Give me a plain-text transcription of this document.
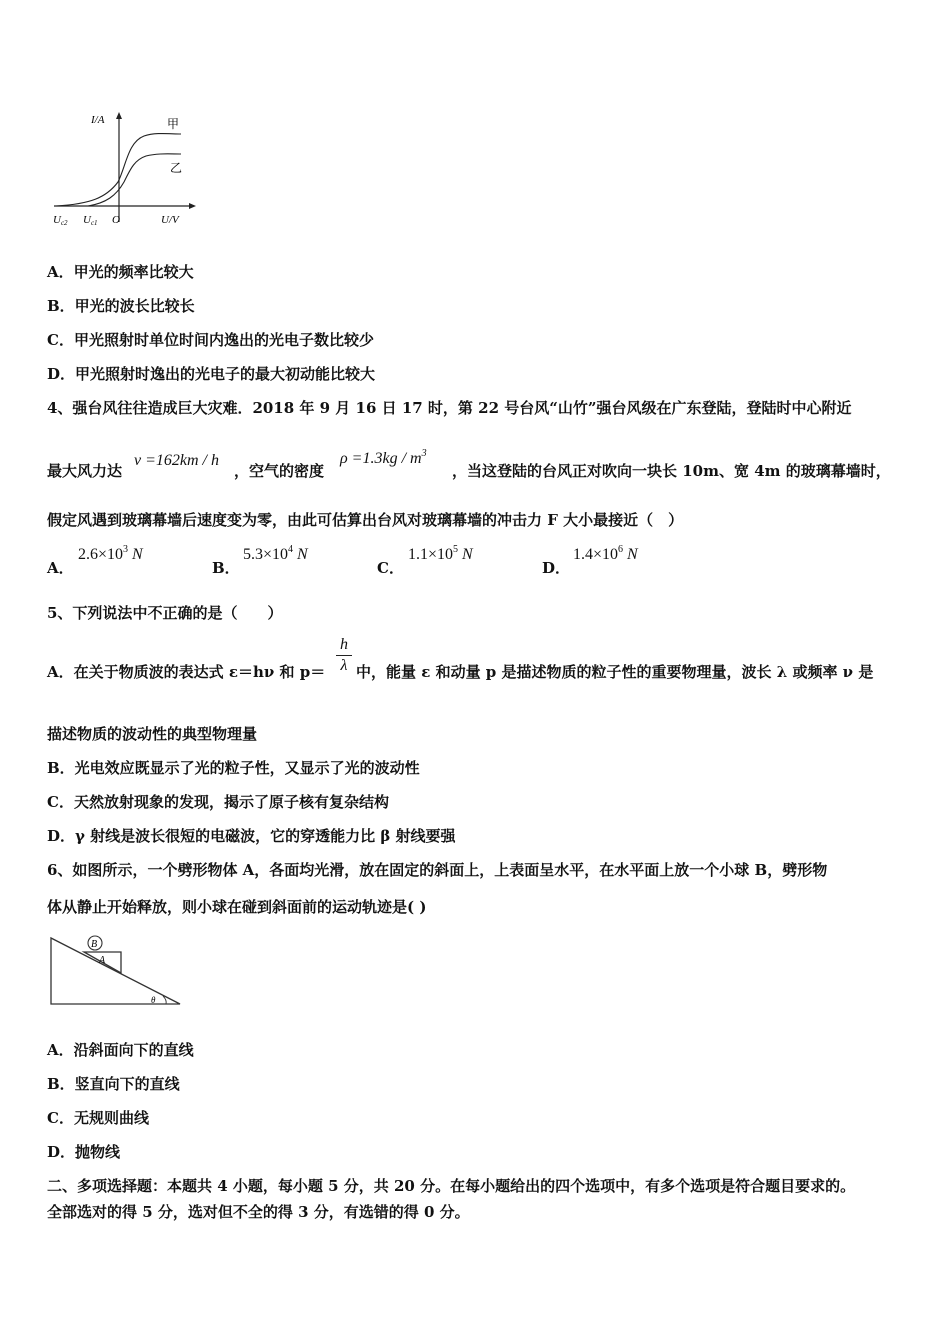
I/A	甲
乙
U/V
O
Uc2 Uc1
A．甲光的频率比较大
B．甲光的波长比较长
C．甲光照射时单位时间内逸出的光电子数比较少
D．甲光照射时逸出的光电子的最大初动能比较大
4、强台风往往造成巨大灾难．2018 年 9 月 16 日 17 时，第 22 号台风“山竹”强台风级在广东登陆，登陆时中心附近
最大风力达
v =162km / h
，空气的密度
$\rho =1.3kg / m^3$
，当这登陆的台风正对吹向一块长 10m、宽 4m 的玻璃幕墙时，
假定风遇到玻璃幕墙后速度变为零，由此可估算出台风对玻璃幕墙的冲击力 F 大小最接近（　）
A．
$2.6\times 10^3$ N
B．
$5.3\times 10^4$ N
C．
$1.1\times 10^5$ N
D．
$1.4\times 10^6$ N
5、下列说法中不正确的是（　　）
A．在关于物质波的表达式 ε＝hν 和 p＝
h
λ 中，能量 ε 和动量 p 是描述物质的粒子性的重要物理量，波长 λ 或频率 ν 是
描述物质的波动性的典型物理量
B．光电效应既显示了光的粒子性，又显示了光的波动性
C．天然放射现象的发现，揭示了原子核有复杂结构
D．γ 射线是波长很短的电磁波，它的穿透能力比 β 射线要强
6、如图所示，一个劈形物体 A，各面均光滑，放在固定的斜面上，上表面呈水平，在水平面上放一个小球 B，劈形物
体从静止开始释放，则小球在碰到斜面前的运动轨迹是( )
B
A
θ
A．沿斜面向下的直线
B．竖直向下的直线
C．无规则曲线
D．抛物线
二、多项选择题：本题共 4 小题，每小题 5 分，共 20 分。在每小题给出的四个选项中，有多个选项是符合题目要求的。
全部选对的得 5 分，选对但不全的得 3 分，有选错的得 0 分。
